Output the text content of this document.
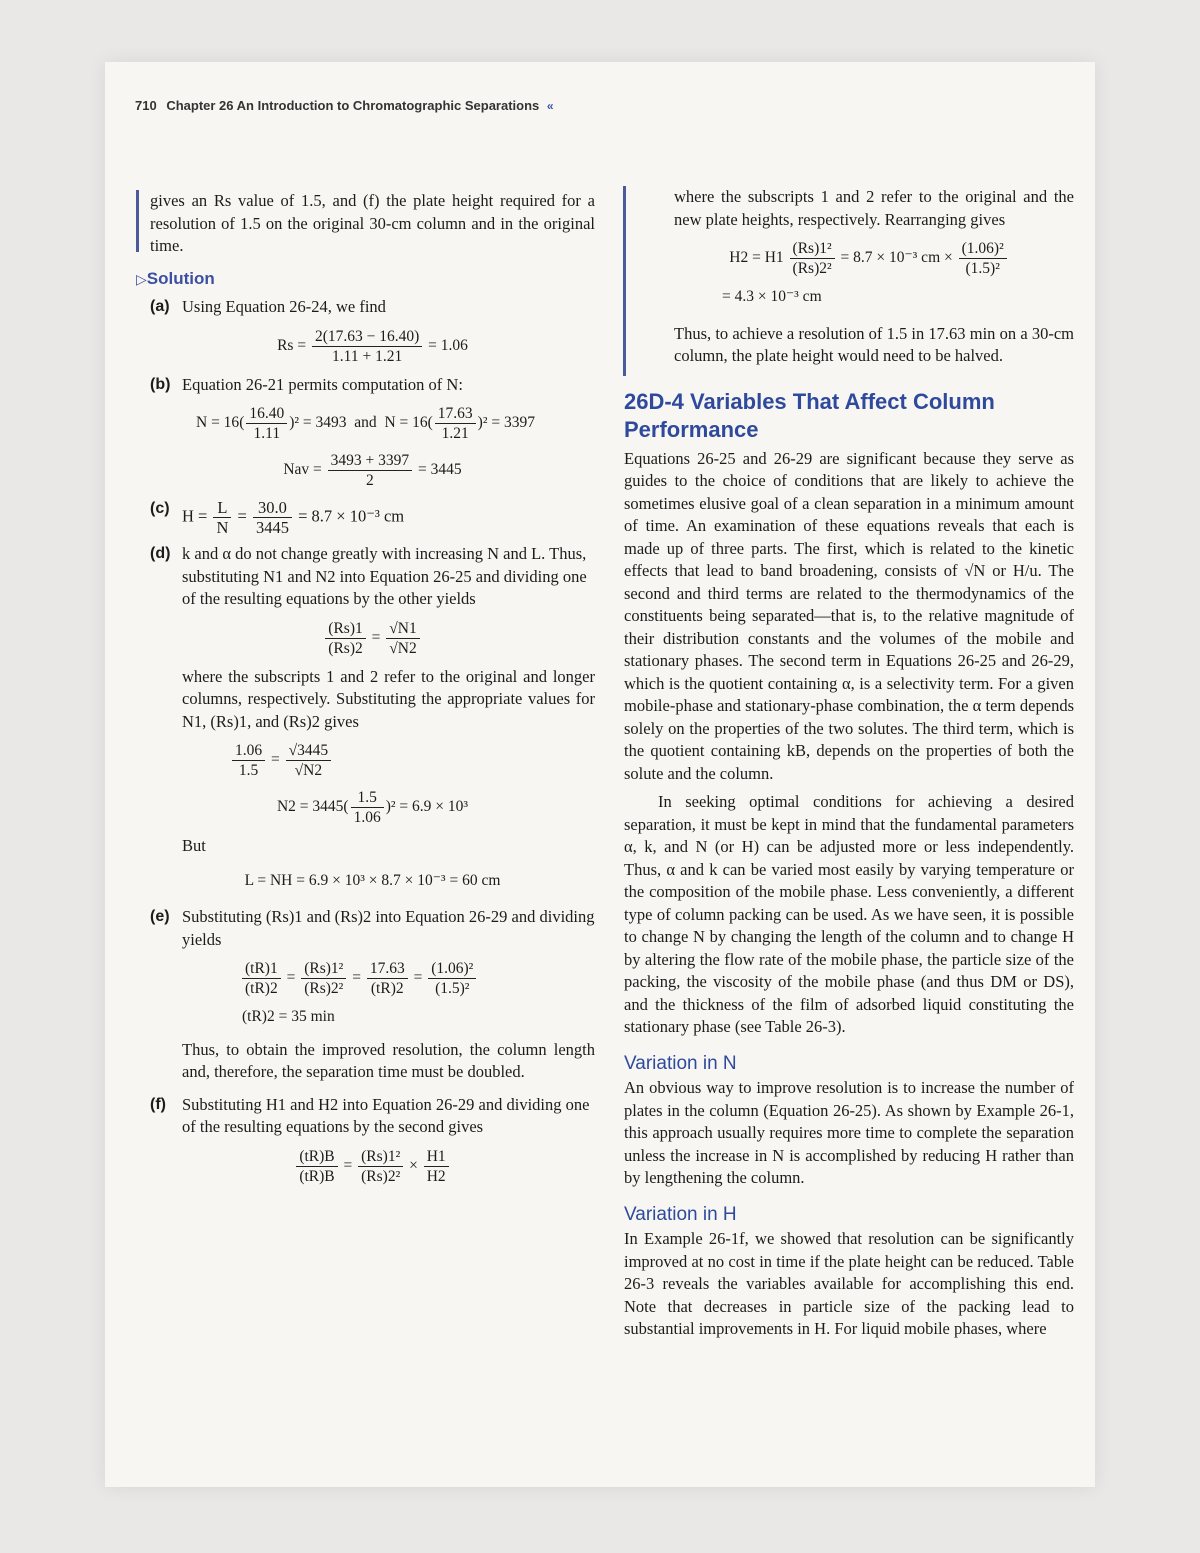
710 Chapter 26 An Introduction to Chromatographic Separations «

gives an Rs value of 1.5, and (f) the plate height required for a resolution of 1.5 on the original 30-cm column and in the original time.

▷Solution
(a) Using Equation 26-24, we find
$Rs = \frac{2(17.63 - 16.40)}{1.11 + 1.21} = 1.06$
(b) Equation 26-21 permits computation of N:
$N = 16( \frac{16.40}{1.11} )^2 = 3493$ and $N = 16( \frac{17.63}{1.21} )^2 = 3397$
Nav = $\frac{3493 + 3397}{2} = 3445$
(c) $H = \frac{L}{N} = \frac{30.0}{3445} = 8.7 \times 10^{-3}$ cm
(d) k and α do not change greatly with increasing N and L. Thus, substituting N1 and N2 into Equation 26-25 and dividing one of the resulting equations by the other yields
$\frac{(Rs)1}{(Rs)2} = \frac{√N1}{√N2}$

where the subscripts 1 and 2 refer to the original and longer columns, respectively. Substituting the appropriate values for N1, (Rs)1, and (Rs)2 gives

$\frac{1.06}{1.5} = \frac{√3445}{√N2}$
$N2 = 3445( \frac{1.5}{1.06} )^2 = 6.9 \times 10^3$

But

L = NH = 6.9 × 10³ × 8.7 × 10⁻³ = 60 cm
(e) Substituting (Rs)1 and (Rs)2 into Equation 26-29 and dividing yields
$\frac{(tR)1}{(tR)2} = \frac{\text{(Rs)1²}}{\text{(Rs)2²}} = \frac{17.63}{(tR)2} = \frac{\text{(1.06)²}}{\text{(1.5)²}}$
(tR)2 = 35 min

Thus, to obtain the improved resolution, the column length and, therefore, the separation time must be doubled.

(f) Substituting H1 and H2 into Equation 26-29 and dividing one of the resulting equations by the second gives
$\frac{(tR)B}{(tR)B} = \frac{\text{(Rs)1²}}{\text{(Rs)2²}} \times \frac{H1}{H2}$

where the subscripts 1 and 2 refer to the original and the new plate heights, respectively. Rearranging gives

$H2 = H1 \frac{\text{(Rs)1²}}{\text{(Rs)2²}} = 8.7 \times 10^{-3}$ cm × $\frac{\text{(1.06)²}}{\text{(1.5)²}}$
= 4.3 × 10⁻³ cm

Thus, to achieve a resolution of 1.5 in 17.63 min on a 30-cm column, the plate height would need to be halved.

26D-4 Variables That Affect Column Performance

Equations 26-25 and 26-29 are significant because they serve as guides to the choice of conditions that are likely to achieve the sometimes elusive goal of a clean separation in a minimum amount of time. An examination of these equations reveals that each is made up of three parts. The first, which is related to the kinetic effects that lead to band broadening, consists of √N or H/u. The second and third terms are related to the thermodynamics of the constituents being separated—that is, to the relative magnitude of their distribution constants and the volumes of the mobile and stationary phases. The second term in Equations 26-25 and 26-29, which is the quotient containing α, is a selectivity term. For a given mobile-phase and stationary-phase combination, the α term depends solely on the properties of the two solutes. The third term, which is the quotient containing kB, depends on the properties of both the solute and the column.

In seeking optimal conditions for achieving a desired separation, it must be kept in mind that the fundamental parameters α, k, and N (or H) can be adjusted more or less independently. Thus, α and k can be varied most easily by varying temperature or the composition of the mobile phase. Less conveniently, a different type of column packing can be used. As we have seen, it is possible to change N by changing the length of the column and to change H by altering the flow rate of the mobile phase, the particle size of the packing, the viscosity of the mobile phase (and thus DM or DS), and the thickness of the film of adsorbed liquid constituting the stationary phase (see Table 26-3).

Variation in N

An obvious way to improve resolution is to increase the number of plates in the column (Equation 26-25). As shown by Example 26-1, this approach usually requires more time to complete the separation unless the increase in N is accomplished by reducing H rather than by lengthening the column.

Variation in H

In Example 26-1f, we showed that resolution can be significantly improved at no cost in time if the plate height can be reduced. Table 26-3 reveals the variables available for accomplishing this end. Note that decreases in particle size of the packing lead to substantial improvements in H. For liquid mobile phases, where
